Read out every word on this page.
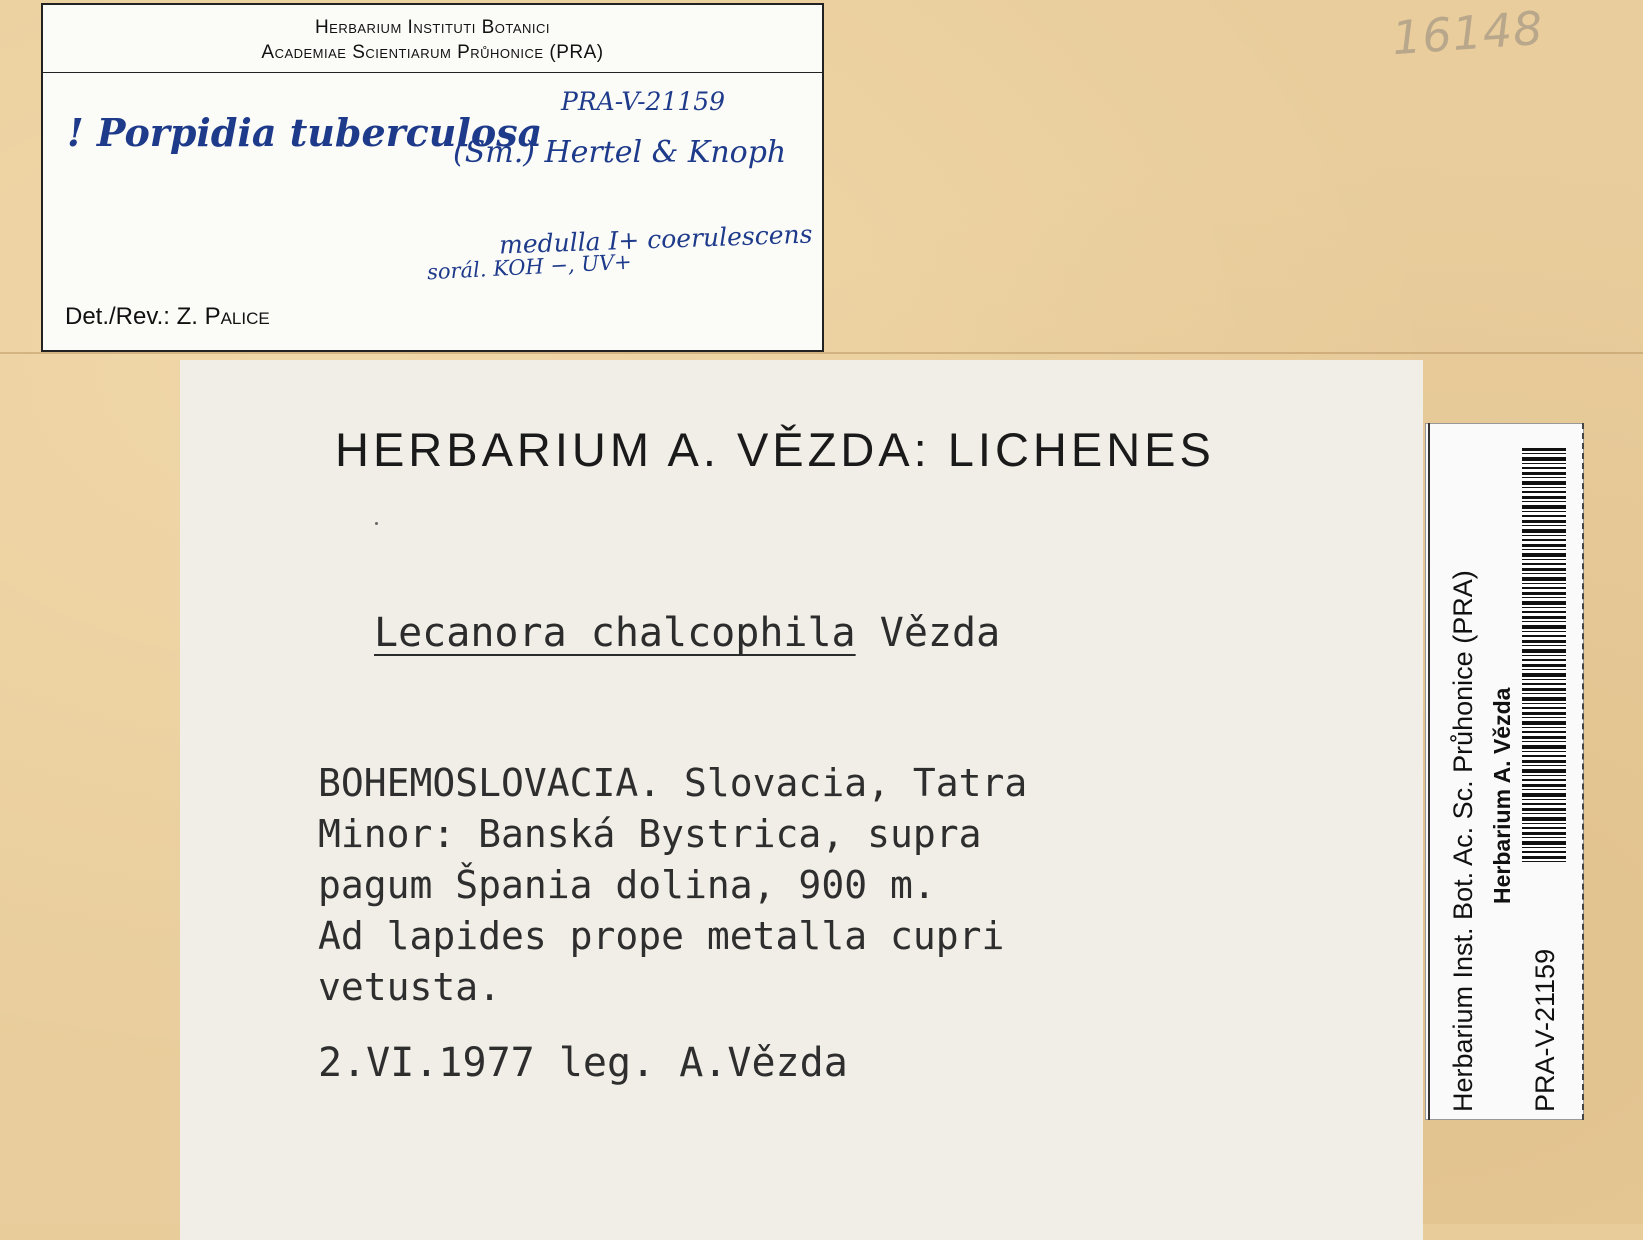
16148
Herbarium Instituti Botanici
Academiae Scientiarum Průhonice (PRA)
PRA-V-21159
! Porpidia tuberculosa
(Sm.) Hertel & Knoph
medulla I+ coerulescens
sorál. KOH −, UV+
Det./Rev.: Z. Palice
HERBARIUM A. VĚZDA: LICHENES
Lecanora chalcophila Vězda
BOHEMOSLOVACIA. Slovacia, Tatra
Minor: Banská Bystrica, supra
pagum Špania dolina, 900 m.
Ad lapides prope metalla cupri
vetusta.
2.VI.1977 leg. A.Vězda	Herbarium Inst. Bot. Ac. Sc. Průhonice (PRA) Herbarium A. Vězda
PRA-V-21159
